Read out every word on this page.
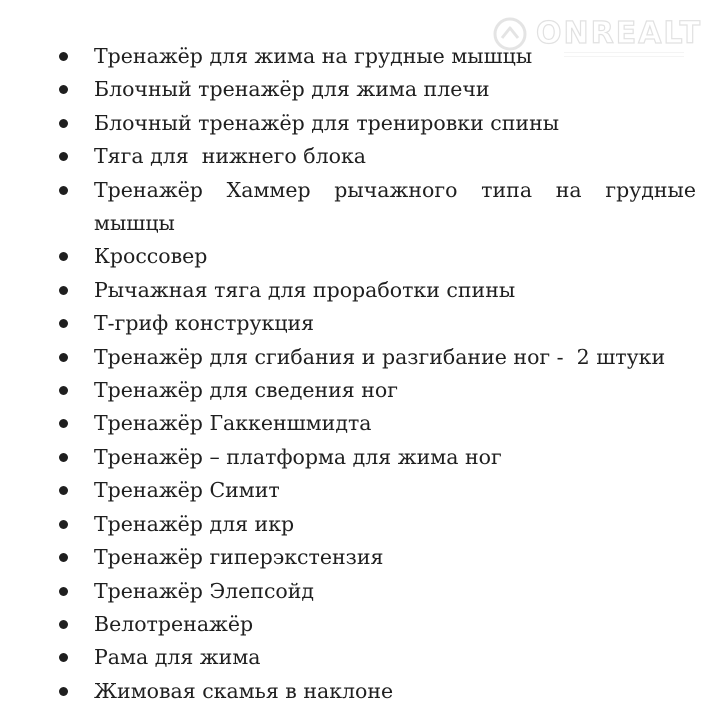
ONREALT
Тренажёр для жима на грудные мышцы
Блочный тренажёр для жима плечи
Блочный тренажёр для тренировки спины
Тяга для  нижнего блока
Тренажёр Хаммер рычажного типа на грудные мышцы
Кроссовер
Рычажная тяга для проработки спины
Т-гриф конструкция
Тренажёр для сгибания и разгибание ног -  2 штуки
Тренажёр для сведения ног
Тренажёр Гаккеншмидта
Тренажёр – платформа для жима ног
Тренажёр Симит
Тренажёр для икр
Тренажёр гиперэкстензия
Тренажёр Элепсойд
Велотренажёр
Рама для жима
Жимовая скамья в наклоне
